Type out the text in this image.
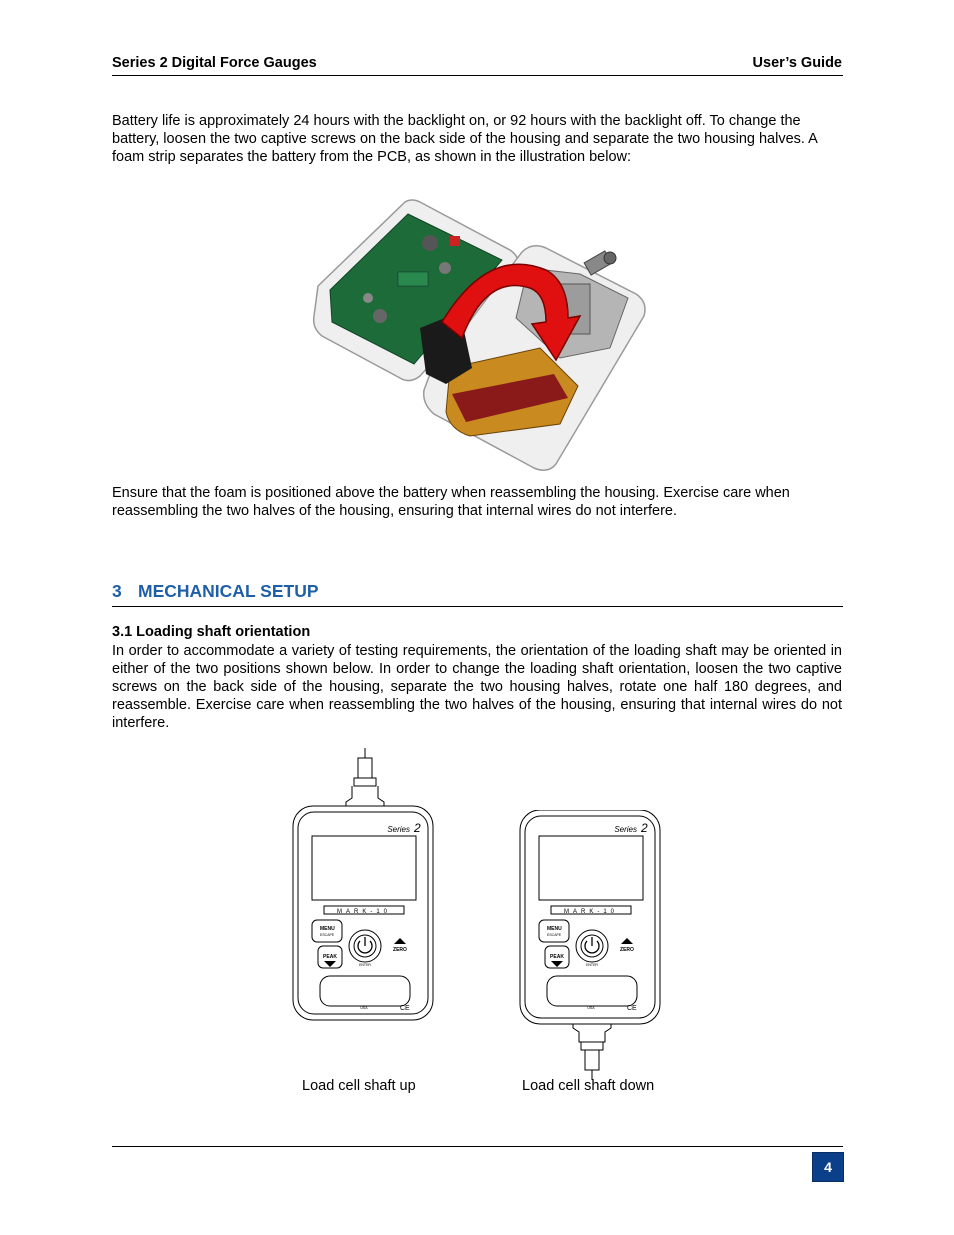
Series 2 Digital Force Gauges	User’s Guide
Battery life is approximately 24 hours with the backlight on, or 92 hours with the backlight off. To change the battery, loosen the two captive screws on the back side of the housing and separate the two housing halves. A foam strip separates the battery from the PCB, as shown in the illustration below:
Ensure that the foam is positioned above the battery when reassembling the housing. Exercise care when reassembling the two halves of the housing, ensuring that internal wires do not interfere.
3 MECHANICAL SETUP
3.1 Loading shaft orientation
In order to accommodate a variety of testing requirements, the orientation of the loading shaft may be oriented in either of the two positions shown below. In order to change the loading shaft orientation, loosen the two captive screws on the back side of the housing, separate the two housing halves, rotate one half 180 degrees, and reassemble. Exercise care when reassembling the two halves of the housing, ensuring that internal wires do not interfere.
Series 2
MARK-10
MENU
ESCAPE
ZERO
PEAK
ENTER
USA	CE
Series 2
MARK-10
MENU
ESCAPE
ZERO
PEAK
ENTER
USA	CE
Load cell shaft up	Load cell shaft down
4
